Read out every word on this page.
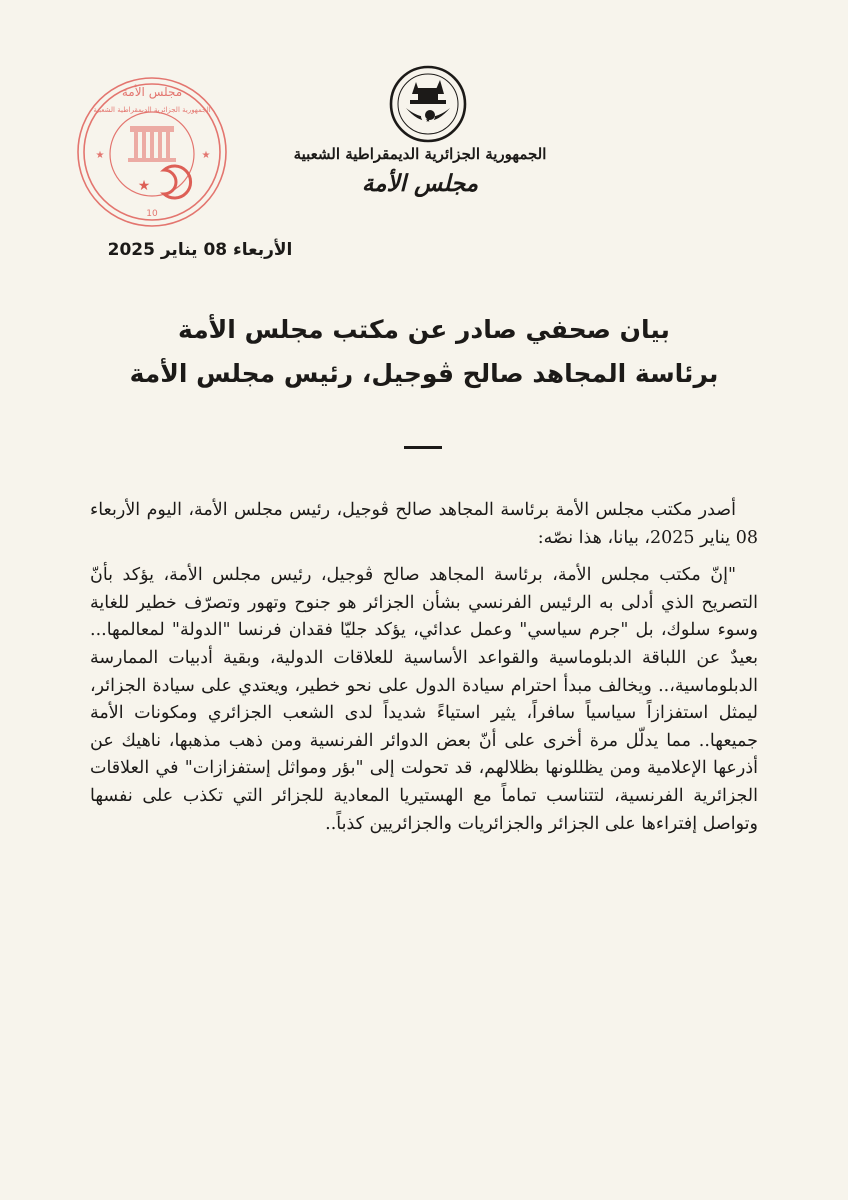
مجلس الأمة
الجمهورية الجزائرية الديمقراطية الشعبية
★
★	★
10
★
الجمهورية الجزائرية الديمقراطية الشعبية
مجلس الأمة
الأربعاء 08 يناير 2025
بيان صحفي صادر عن مكتب مجلس الأمة
برئاسة المجاهد صالح ڤوجيل، رئيس مجلس الأمة

أصدر مكتب مجلس الأمة برئاسة المجاهد صالح ڤوجيل، رئيس مجلس الأمة، اليوم الأربعاء 08 يناير 2025، بيانا، هذا نصّه:

"إنّ مكتب مجلس الأمة، برئاسة المجاهد صالح ڤوجيل، رئيس مجلس الأمة، يؤكد بأنّ التصريح الذي أدلى به الرئيس الفرنسي بشأن الجزائر هو جنوح وتهور وتصرّف خطير للغاية وسوء سلوك، بل "جرم سياسي" وعمل عدائي، يؤكد جليّا فقدان فرنسا "الدولة" لمعالمها... بعيدٌ عن اللباقة الدبلوماسية والقواعد الأساسية للعلاقات الدولية، وبقية أدبيات الممارسة الدبلوماسية،.. ويخالف مبدأ احترام سيادة الدول على نحو خطير، ويعتدي على سيادة الجزائر، ليمثل استفزازاً سياسياً سافراً، يثير استياءً شديداً لدى الشعب الجزائري ومكونات الأمة جميعها.. مما يدلّل مرة أخرى على أنّ بعض الدوائر الفرنسية ومن ذهب مذهبها، ناهيك عن أذرعها الإعلامية ومن يظللونها بظلالهم، قد تحولت إلى "بؤر ومواثل إستفزازات" في العلاقات الجزائرية الفرنسية، لتتناسب تماماً مع الهستيريا المعادية للجزائر التي تكذب على نفسها وتواصل إفتراءها على الجزائر والجزائريات والجزائريين كذباً..
